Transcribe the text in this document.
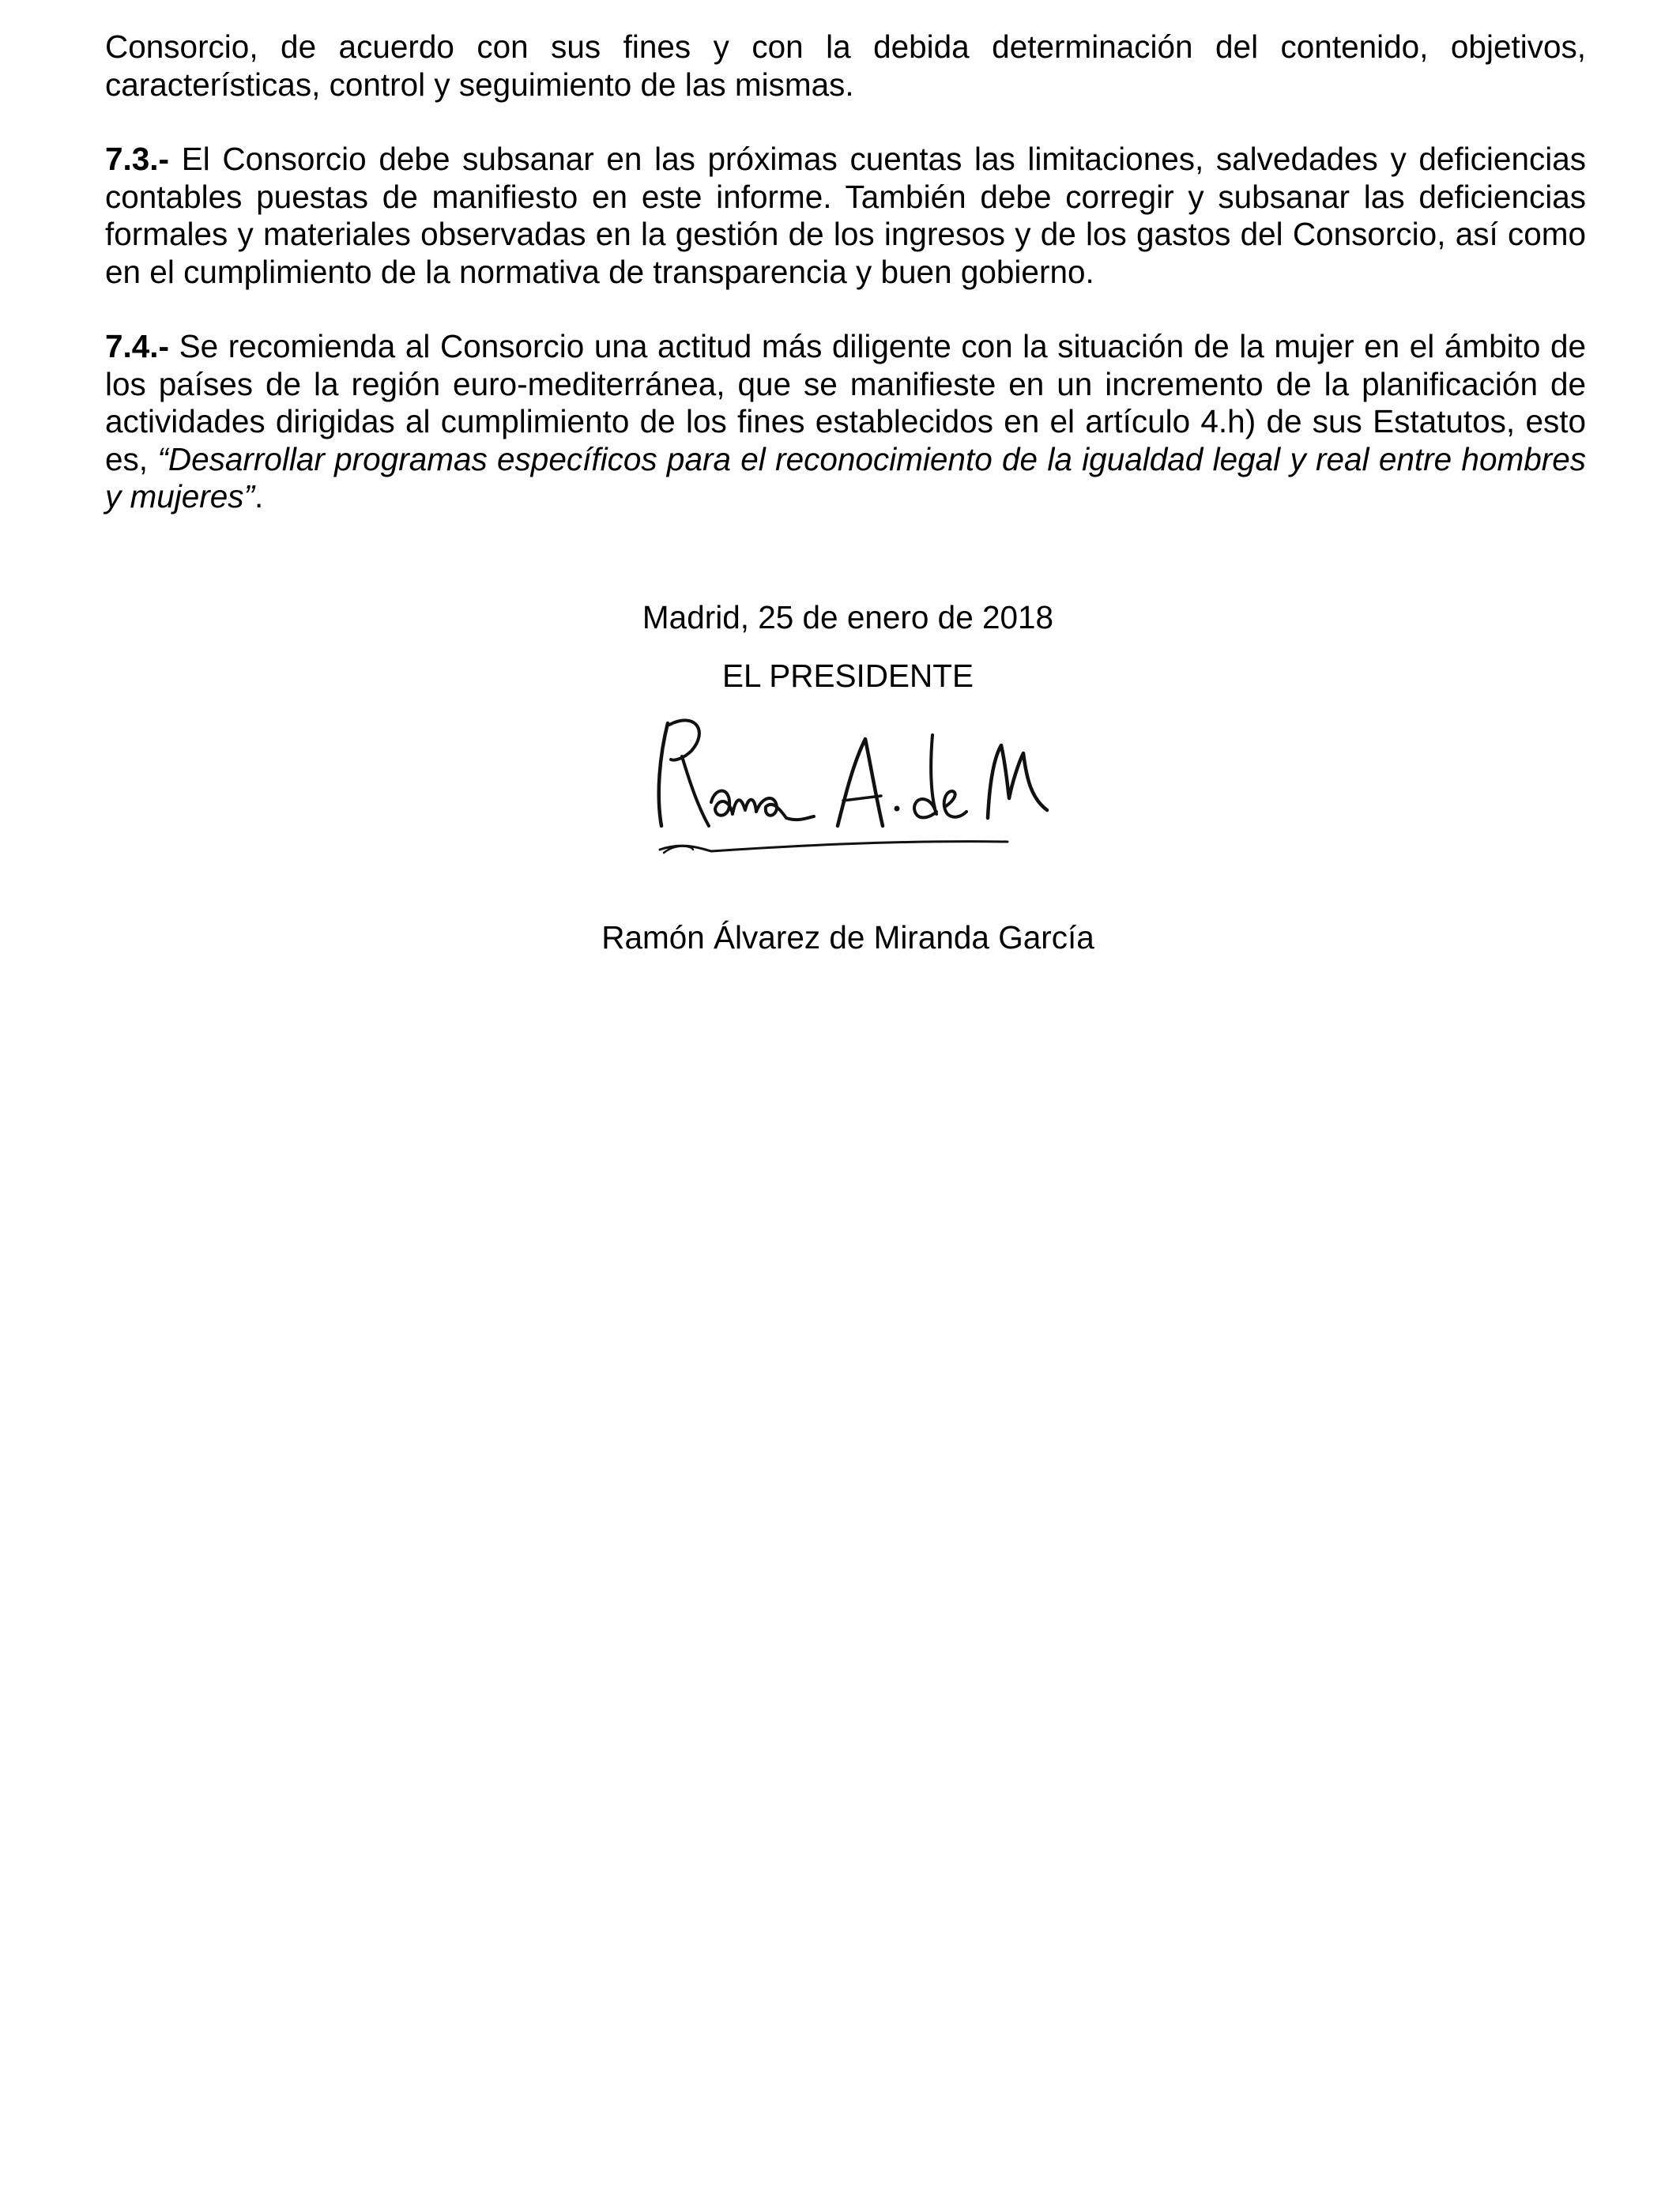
Consorcio, de acuerdo con sus fines y con la debida determinación del contenido, objetivos, características, control y seguimiento de las mismas.

7.3.- El Consorcio debe subsanar en las próximas cuentas las limitaciones, salvedades y deficiencias contables puestas de manifiesto en este informe. También debe corregir y subsanar las deficiencias formales y materiales observadas en la gestión de los ingresos y de los gastos del Consorcio, así como en el cumplimiento de la normativa de transparencia y buen gobierno.

7.4.- Se recomienda al Consorcio una actitud más diligente con la situación de la mujer en el ámbito de los países de la región euro-mediterránea, que se manifieste en un incremento de la planificación de actividades dirigidas al cumplimiento de los fines establecidos en el artículo 4.h) de sus Estatutos, esto es, “Desarrollar programas específicos para el reconocimiento de la igualdad legal y real entre hombres y mujeres”.

Madrid, 25 de enero de 2018
EL PRESIDENTE
Ramón Álvarez de Miranda García
